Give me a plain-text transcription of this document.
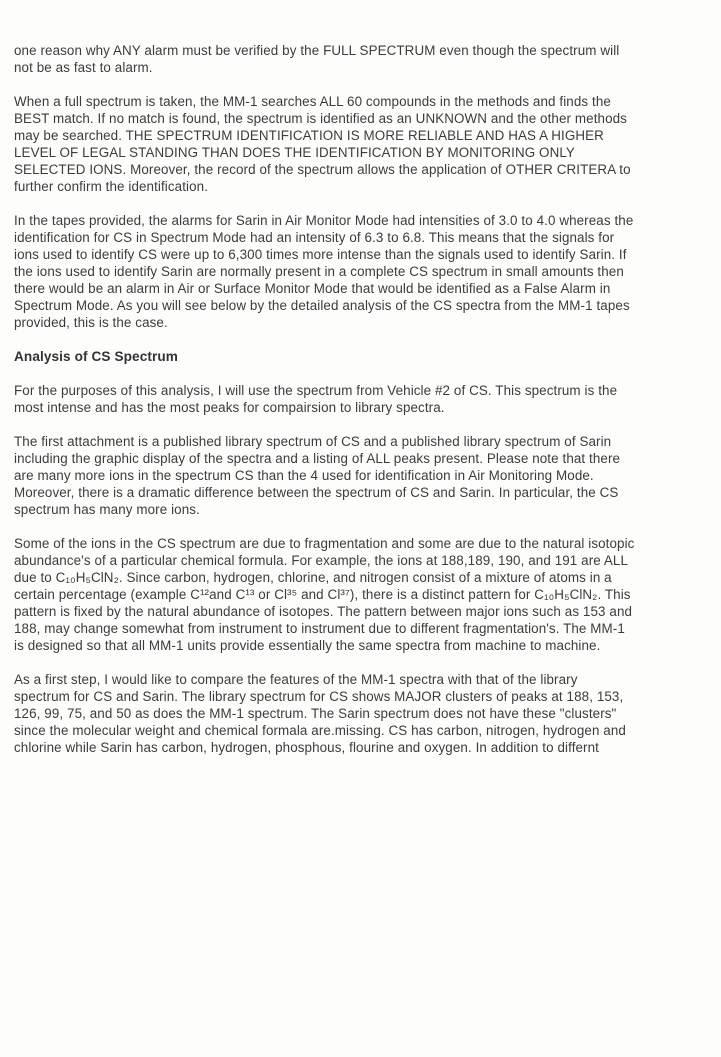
one reason why ANY alarm must be verified by the FULL SPECTRUM even though the spectrum will not be as fast to alarm.

When a full spectrum is taken, the MM-1 searches ALL 60 compounds in the methods and finds the BEST match. If no match is found, the spectrum is identified as an UNKNOWN and the other methods may be searched. THE SPECTRUM IDENTIFICATION IS MORE RELIABLE AND HAS A HIGHER LEVEL OF LEGAL STANDING THAN DOES THE IDENTIFICATION BY MONITORING ONLY SELECTED IONS. Moreover, the record of the spectrum allows the application of OTHER CRITERA to further confirm the identification.

In the tapes provided, the alarms for Sarin in Air Monitor Mode had intensities of 3.0 to 4.0 whereas the identification for CS in Spectrum Mode had an intensity of 6.3 to 6.8. This means that the signals for ions used to identify CS were up to 6,300 times more intense than the signals used to identify Sarin. If the ions used to identify Sarin are normally present in a complete CS spectrum in small amounts then there would be an alarm in Air or Surface Monitor Mode that would be identified as a False Alarm in Spectrum Mode. As you will see below by the detailed analysis of the CS spectra from the MM-1 tapes provided, this is the case.

Analysis of CS Spectrum

For the purposes of this analysis, I will use the spectrum from Vehicle #2 of CS. This spectrum is the most intense and has the most peaks for compairsion to library spectra.

The first attachment is a published library spectrum of CS and a published library spectrum of Sarin including the graphic display of the spectra and a listing of ALL peaks present. Please note that there are many more ions in the spectrum CS than the 4 used for identification in Air Monitoring Mode. Moreover, there is a dramatic difference between the spectrum of CS and Sarin. In particular, the CS spectrum has many more ions.

Some of the ions in the CS spectrum are due to fragmentation and some are due to the natural isotopic abundance's of a particular chemical formula. For example, the ions at 188,189, 190, and 191 are ALL due to C₁₀H₅ClN₂. Since carbon, hydrogen, chlorine, and nitrogen consist of a mixture of atoms in a certain percentage (example C¹²and C¹³ or Cl³⁵ and Cl³⁷), there is a distinct pattern for C₁₀H₅ClN₂. This pattern is fixed by the natural abundance of isotopes. The pattern between major ions such as 153 and 188, may change somewhat from instrument to instrument due to different fragmentation's. The MM-1 is designed so that all MM-1 units provide essentially the same spectra from machine to machine.

As a first step, I would like to compare the features of the MM-1 spectra with that of the library spectrum for CS and Sarin. The library spectrum for CS shows MAJOR clusters of peaks at 188, 153, 126, 99, 75, and 50 as does the MM-1 spectrum. The Sarin spectrum does not have these "clusters" since the molecular weight and chemical formala are.missing. CS has carbon, nitrogen, hydrogen and chlorine while Sarin has carbon, hydrogen, phosphous, flourine and oxygen. In addition to differnt
